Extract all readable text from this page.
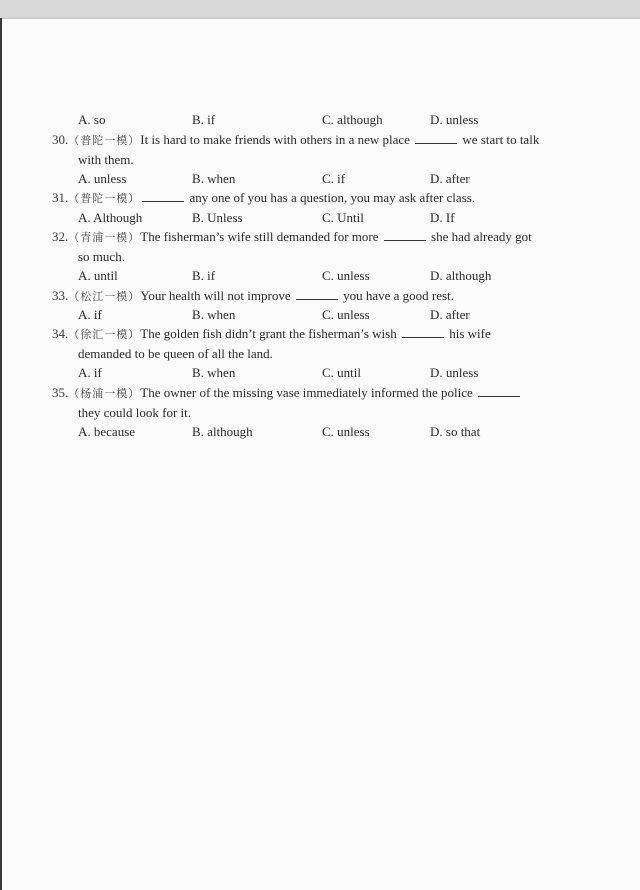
A. so	B. if	C. although	D. unless
30.（普陀一模）It is hard to make friends with others in a new place	we start to talk
with them.
A. unless	B. when	C. if	D. after
31.（普陀一模）	any one of you has a question, you may ask after class.
A. Although	B. Unless	C. Until	D. If
32.（青浦一模）The fisherman’s wife still demanded for more	she had already got
so much.
A. until	B. if	C. unless	D. although
33.（松江一模）Your health will not improve	you have a good rest.
A. if	B. when	C. unless	D. after
34.（徐汇一模）The golden fish didn’t grant the fisherman’s wish	his wife
demanded to be queen of all the land.
A. if	B. when	C. until	D. unless
35.（杨浦一模）The owner of the missing vase immediately informed the police
they could look for it.
A. because	B. although	C. unless	D. so that
